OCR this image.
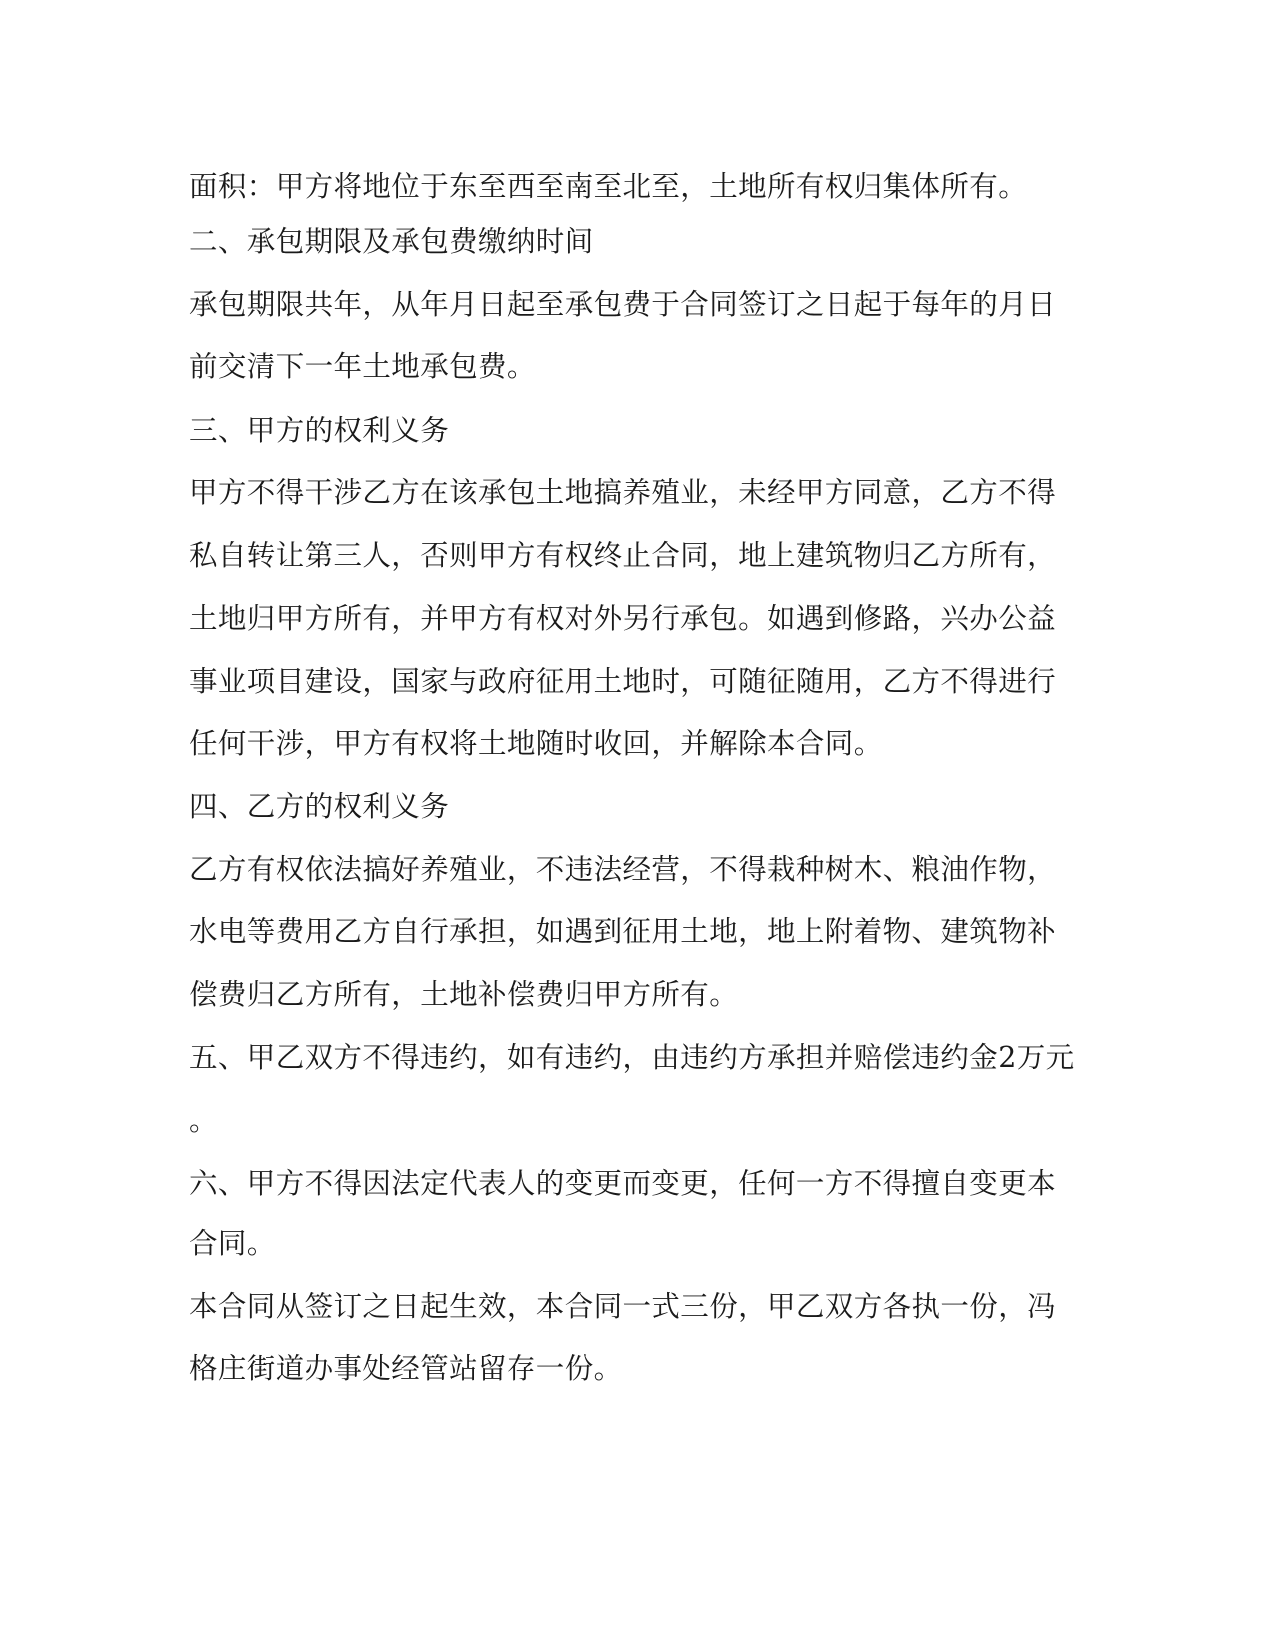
面积：甲方将地位于东至西至南至北至，土地所有权归集体所有。

二、承包期限及承包费缴纳时间

承包期限共年，从年月日起至承包费于合同签订之日起于每年的月日

前交清下一年土地承包费。

三、甲方的权利义务

甲方不得干涉乙方在该承包土地搞养殖业，未经甲方同意，乙方不得

私自转让第三人，否则甲方有权终止合同，地上建筑物归乙方所有，

土地归甲方所有，并甲方有权对外另行承包。如遇到修路，兴办公益

事业项目建设，国家与政府征用土地时，可随征随用，乙方不得进行

任何干涉，甲方有权将土地随时收回，并解除本合同。

四、乙方的权利义务

乙方有权依法搞好养殖业，不违法经营，不得栽种树木、粮油作物，

水电等费用乙方自行承担，如遇到征用土地，地上附着物、建筑物补

偿费归乙方所有，土地补偿费归甲方所有。

五、甲乙双方不得违约，如有违约，由违约方承担并赔偿违约金2万元

。

六、甲方不得因法定代表人的变更而变更，任何一方不得擅自变更本

合同。

本合同从签订之日起生效，本合同一式三份，甲乙双方各执一份，冯

格庄街道办事处经管站留存一份。
